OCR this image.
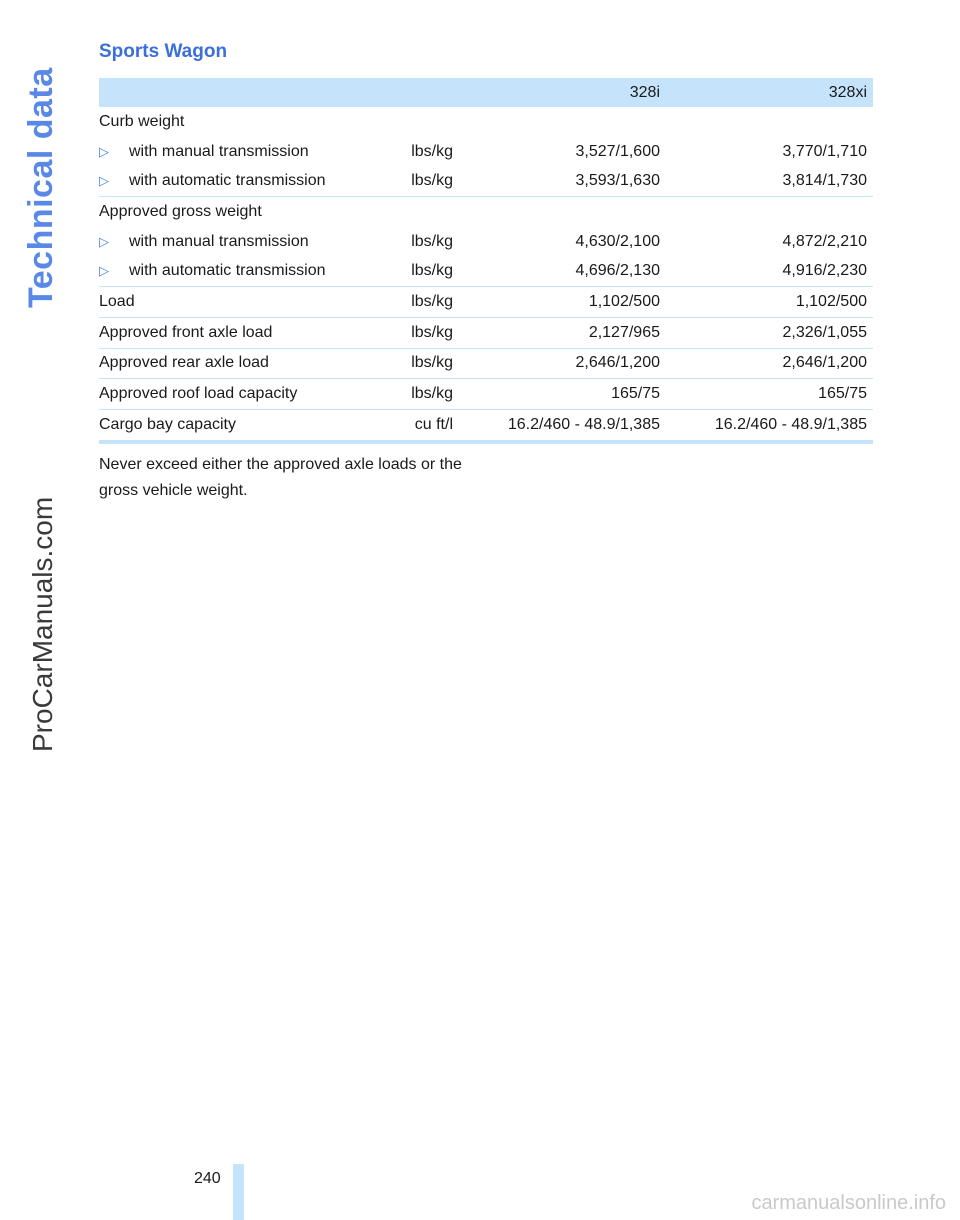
Technical data
ProCarManuals.com
Sports Wagon
		328i	328xi
Curb weight			
▷ with manual transmission	lbs/kg	3,527/1,600	3,770/1,710
▷ with automatic transmission	lbs/kg	3,593/1,630	3,814/1,730
Approved gross weight			
▷ with manual transmission	lbs/kg	4,630/2,100	4,872/2,210
▷ with automatic transmission	lbs/kg	4,696/2,130	4,916/2,230
Load	lbs/kg	1,102/500	1,102/500
Approved front axle load	lbs/kg	2,127/965	2,326/1,055
Approved rear axle load	lbs/kg	2,646/1,200	2,646/1,200
Approved roof load capacity	lbs/kg	165/75	165/75
Cargo bay capacity	cu ft/l	16.2/460 - 48.9/1,385	16.2/460 - 48.9/1,385
Never exceed either the approved axle loads or the gross vehicle weight.
240
carmanualsonline.info
